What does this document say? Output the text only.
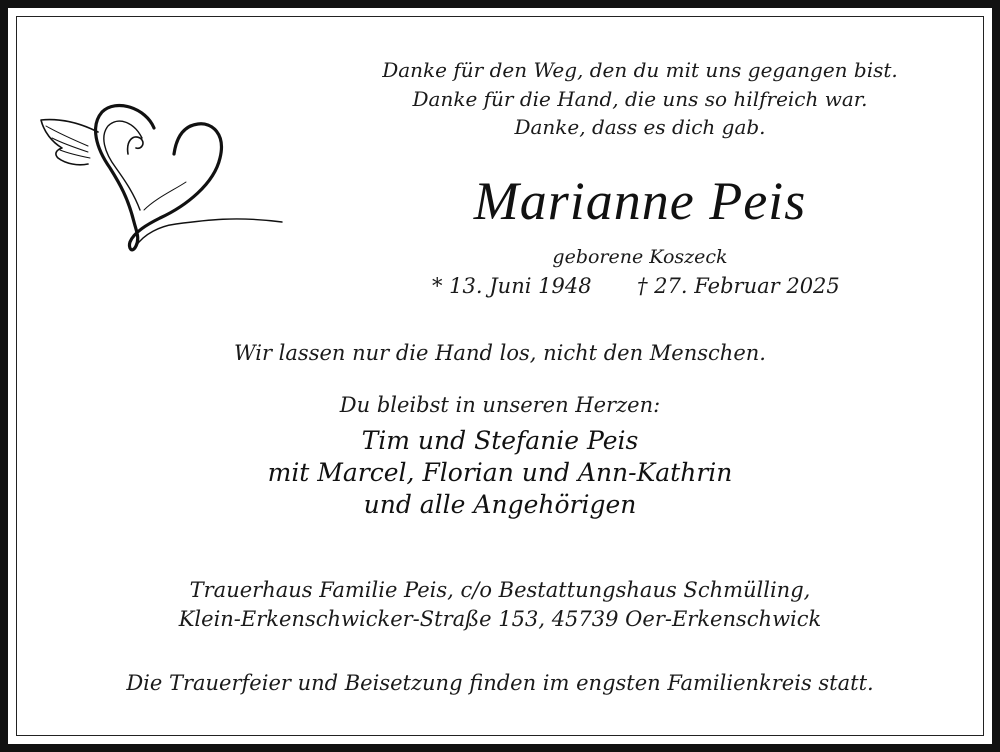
Danke für den Weg, den du mit uns gegangen bist.

Danke für die Hand, die uns so hilfreich war.

Danke, dass es dich gab.

Marianne Peis

geborene Koszeck

* 13. Juni 1948 † 27. Februar 2025

Wir lassen nur die Hand los, nicht den Menschen.

Du bleibst in unseren Herzen:

Tim und Stefanie Peis

mit Marcel, Florian und Ann-Kathrin

und alle Angehörigen

Trauerhaus Familie Peis, c/o Bestattungshaus Schmülling,

Klein-Erkenschwicker-Straße 153, 45739 Oer-Erkenschwick

Die Trauerfeier und Beisetzung finden im engsten Familienkreis statt.
